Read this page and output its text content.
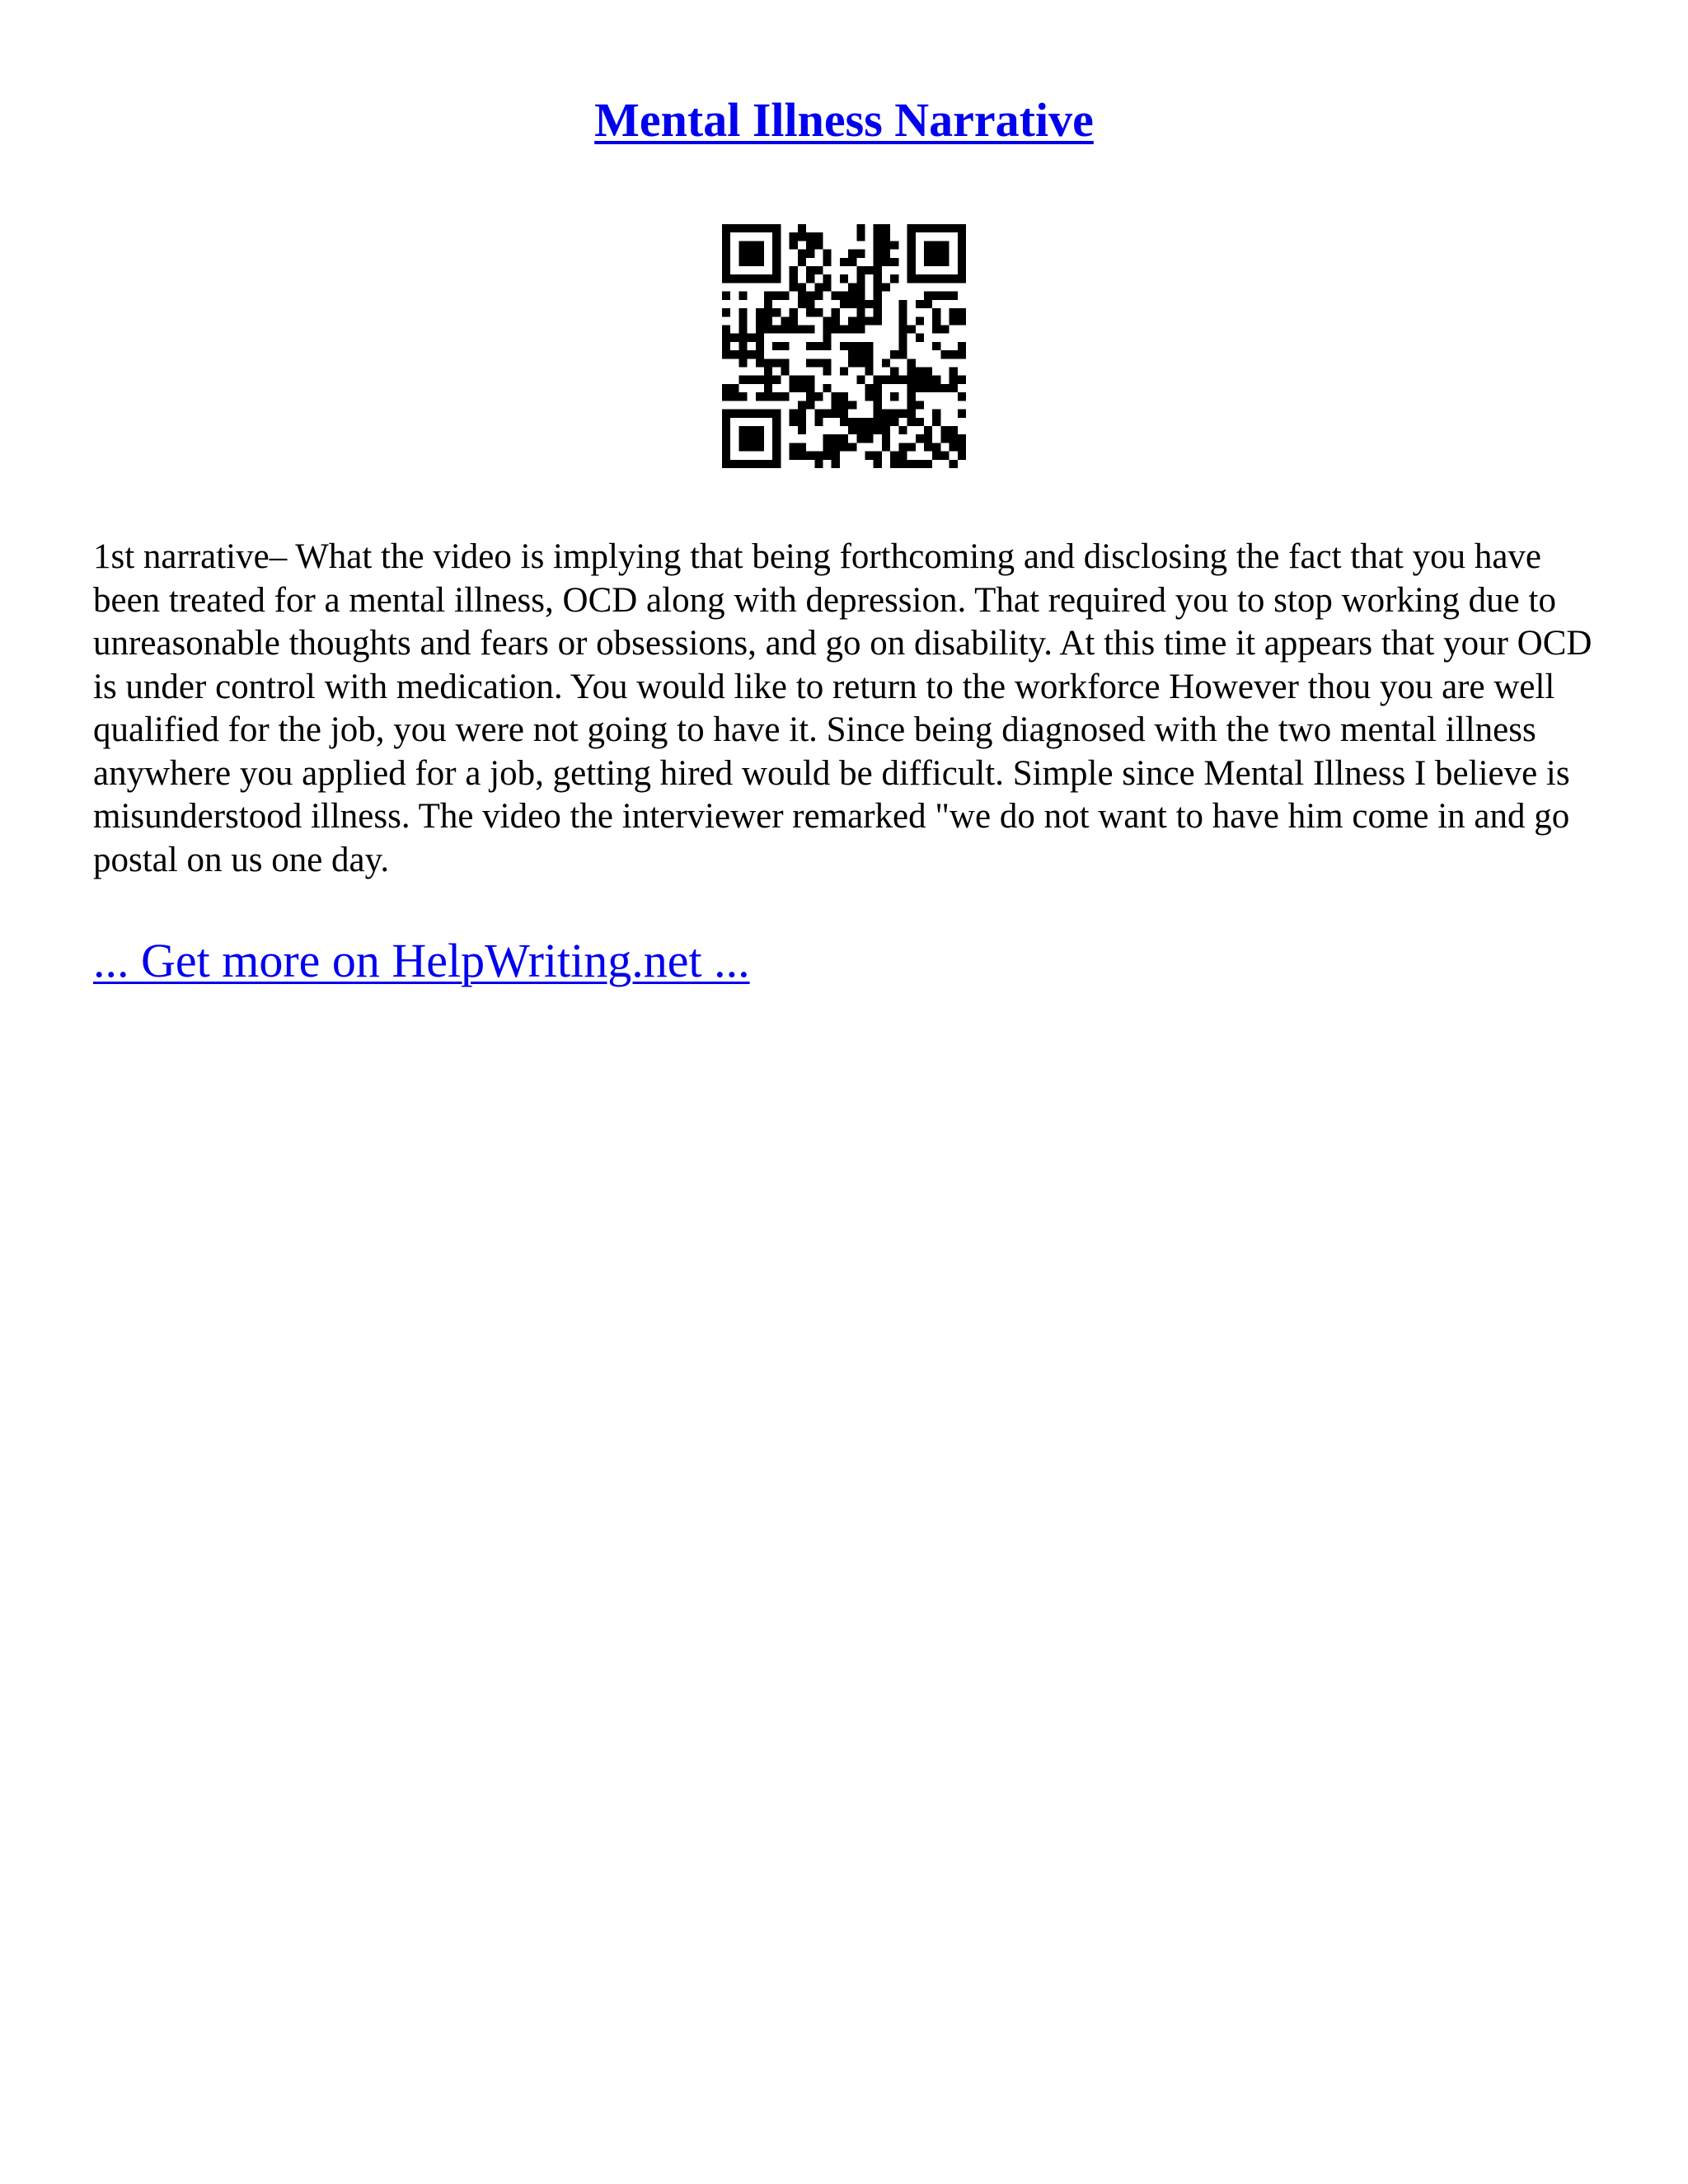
Mental Illness Narrative

1st narrative– What the video is implying that being forthcoming and disclosing the fact that you have been treated for a mental illness, OCD along with depression. That required you to stop working due to unreasonable thoughts and fears or obsessions, and go on disability. At this time it appears that your OCD is under control with medication. You would like to return to the workforce However thou you are well qualified for the job, you were not going to have it. Since being diagnosed with the two mental illness anywhere you applied for a job, getting hired would be difficult. Simple since Mental Illness I believe is misunderstood illness. The video the interviewer remarked "we do not want to have him come in and go postal on us one day.

... Get more on HelpWriting.net ...
